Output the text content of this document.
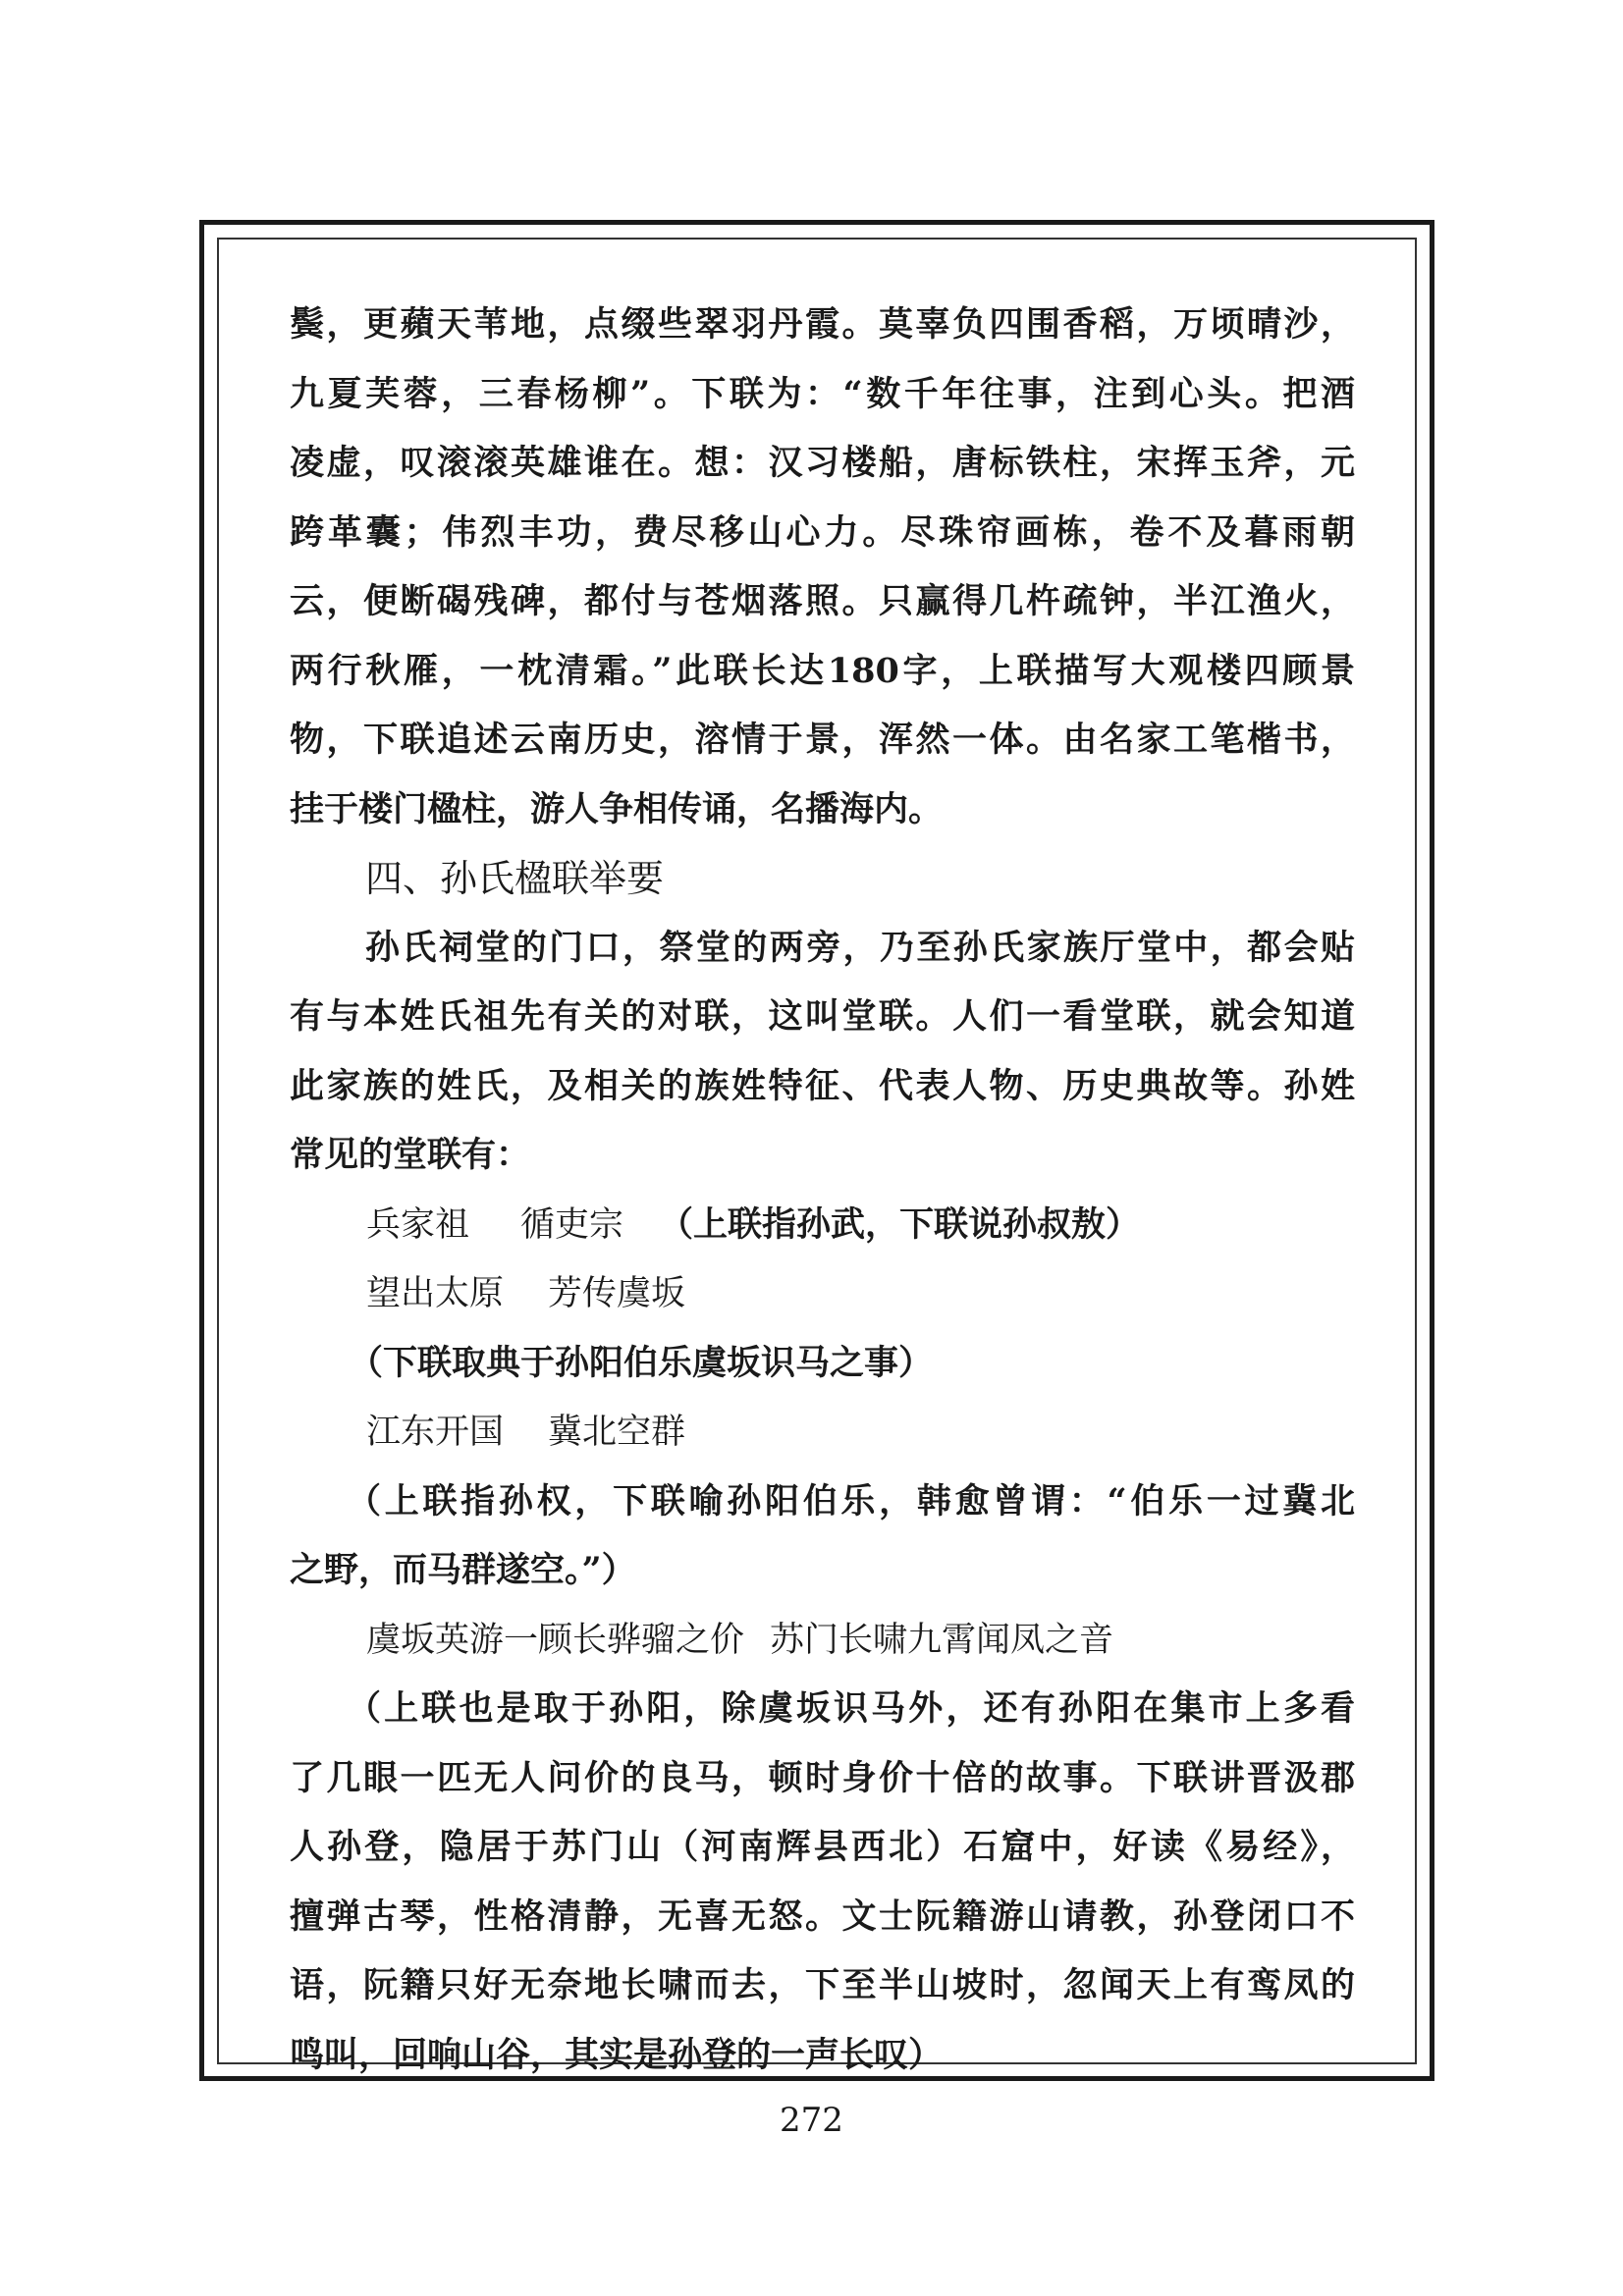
鬓，更蘋天苇地，点缀些翠羽丹霞。莫辜负四围香稻，万顷晴沙，
九夏芙蓉，三春杨柳”。下联为：“数千年往事，注到心头。把酒
凌虚，叹滚滚英雄谁在。想：汉习楼船，唐标铁柱，宋挥玉斧，元
跨革囊；伟烈丰功，费尽移山心力。尽珠帘画栋，卷不及暮雨朝
云，便断碣残碑，都付与苍烟落照。只赢得几杵疏钟，半江渔火，
两行秋雁，一枕清霜。”此联长达180字，上联描写大观楼四顾景
物，下联追述云南历史，溶情于景，浑然一体。由名家工笔楷书，
挂于楼门楹柱，游人争相传诵，名播海内。
四、孙氏楹联举要
孙氏祠堂的门口，祭堂的两旁，乃至孙氏家族厅堂中，都会贴
有与本姓氏祖先有关的对联，这叫堂联。人们一看堂联，就会知道
此家族的姓氏，及相关的族姓特征、代表人物、历史典故等。孙姓
常见的堂联有：
兵家祖 循吏宗 （上联指孙武，下联说孙叔敖）
望出太原 芳传虞坂
（下联取典于孙阳伯乐虞坂识马之事）
江东开国 冀北空群
（上联指孙权，下联喻孙阳伯乐，韩愈曾谓：“伯乐一过冀北
之野，而马群遂空。”）
虞坂英游一顾长骅骝之价 苏门长啸九霄闻凤之音
（上联也是取于孙阳，除虞坂识马外，还有孙阳在集市上多看
了几眼一匹无人问价的良马，顿时身价十倍的故事。下联讲晋汲郡
人孙登，隐居于苏门山（河南辉县西北）石窟中，好读《易经》，
擅弹古琴，性格清静，无喜无怒。文士阮籍游山请教，孙登闭口不
语，阮籍只好无奈地长啸而去，下至半山坡时，忽闻天上有鸾凤的
鸣叫，回响山谷，其实是孙登的一声长叹）
272
